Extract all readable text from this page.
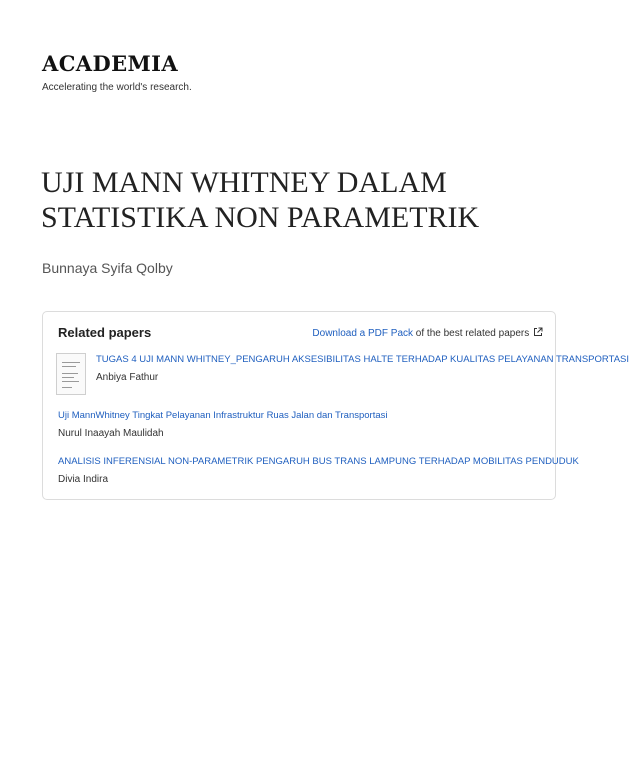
ACADEMIA
Accelerating the world's research.
UJI MANN WHITNEY DALAM STATISTIKA NON PARAMETRIK
Bunnaya Syifa Qolby
Related papers	Download a PDF Pack of the best related papers
TUGAS 4 UJI MANN WHITNEY_PENGARUH AKSESIBILITAS HALTE TERHADAP KUALITAS PELAYANAN TRANSPORTASI
Anbiya Fathur
Uji MannWhitney Tingkat Pelayanan Infrastruktur Ruas Jalan dan Transportasi
Nurul Inaayah Maulidah
ANALISIS INFERENSIAL NON-PARAMETRIK PENGARUH BUS TRANS LAMPUNG TERHADAP MOBILITAS PENDUDUK
Divia Indira
